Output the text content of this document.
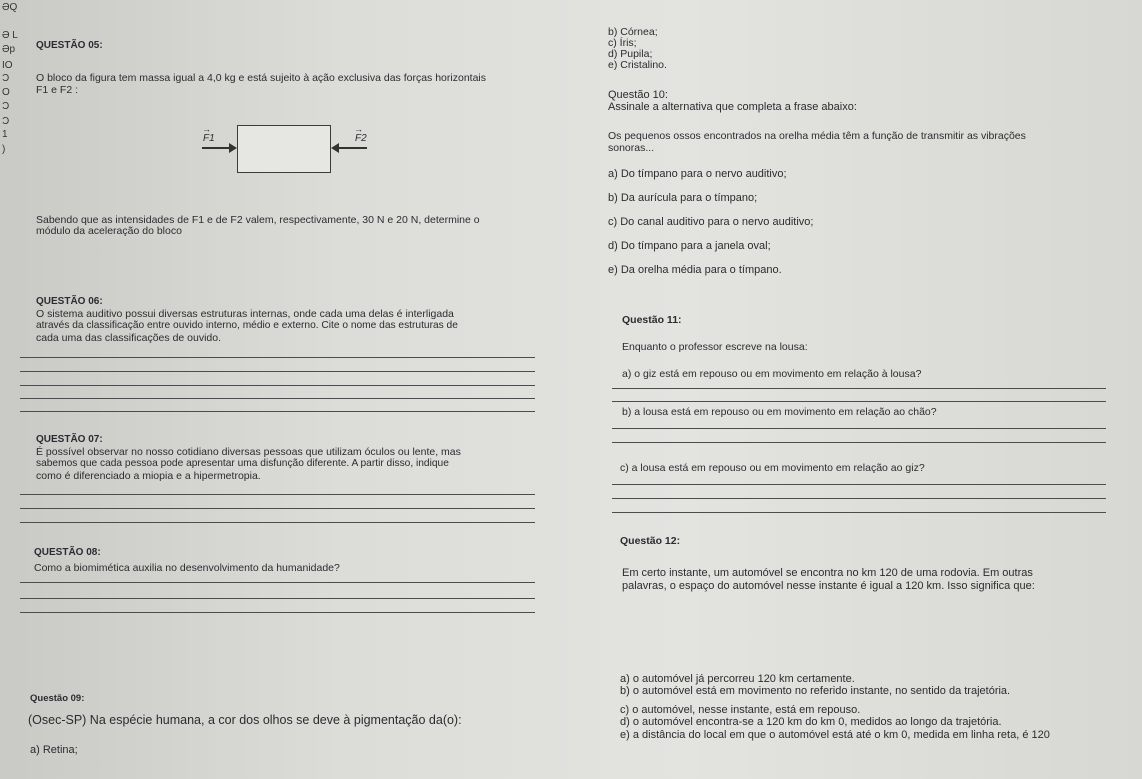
ƏQ
Ə L
Əp
IO
Ɔ
O
Ɔ
Ɔ
1
)
QUESTÃO 05:
O bloco da figura tem massa igual a 4,0 kg e está sujeito à ação exclusiva das forças horizontais
F1 e F2 :
→ F1
→	F2
Sabendo que as intensidades de F1 e de F2 valem, respectivamente, 30 N e 20 N, determine o
módulo da aceleração do bloco
QUESTÃO 06:
O sistema auditivo possui diversas estruturas internas, onde cada uma delas é interligada
através da classificação entre ouvido interno, médio e externo. Cite o nome das estruturas de
cada uma das classificações de ouvido.
QUESTÃO 07:
É possível observar no nosso cotidiano diversas pessoas que utilizam óculos ou lente, mas
sabemos que cada pessoa pode apresentar uma disfunção diferente. A partir disso, indique
como é diferenciado a miopia e a hipermetropia.
QUESTÃO 08:
Como a biomimética auxilia no desenvolvimento da humanidade?
Questão 09:
(Osec-SP) Na espécie humana, a cor dos olhos se deve à pigmentação da(o):
a) Retina;
b) Córnea;
c) Íris;
d) Pupila;
e) Cristalino.
Questão 10:
Assinale a alternativa que completa a frase abaixo:
Os pequenos ossos encontrados na orelha média têm a função de transmitir as vibrações
sonoras...
a) Do tímpano para o nervo auditivo;
b) Da aurícula para o tímpano;
c) Do canal auditivo para o nervo auditivo;
d) Do tímpano para a janela oval;
e) Da orelha média para o tímpano.
Questão 11:
Enquanto o professor escreve na lousa:
a) o giz está em repouso ou em movimento em relação à lousa?
b) a lousa está em repouso ou em movimento em relação ao chão?
c) a lousa está em repouso ou em movimento em relação ao giz?
Questão 12:
Em certo instante, um automóvel se encontra no km 120 de uma rodovia. Em outras
palavras, o espaço do automóvel nesse instante é igual a 120 km. Isso significa que:
a) o automóvel já percorreu 120 km certamente.
b) o automóvel está em movimento no referido instante, no sentido da trajetória.
c) o automóvel, nesse instante, está em repouso.
d) o automóvel encontra-se a 120 km do km 0, medidos ao longo da trajetória.
e) a distância do local em que o automóvel está até o km 0, medida em linha reta, é 120
